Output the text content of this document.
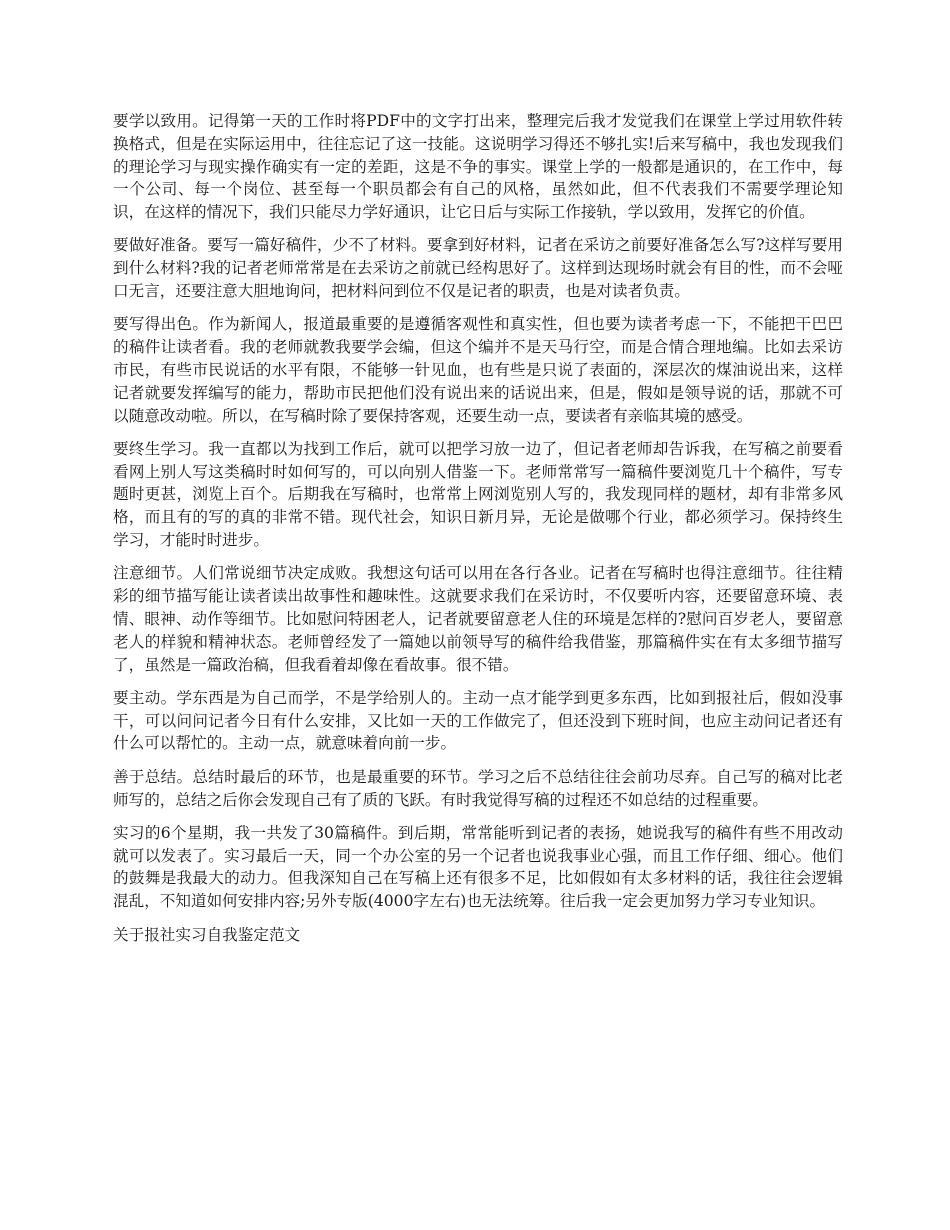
要学以致用。记得第一天的工作时将PDF中的文字打出来，整理完后我才发觉我们在课堂上学过用软件转换格式，但是在实际运用中，往往忘记了这一技能。这说明学习得还不够扎实!后来写稿中，我也发现我们的理论学习与现实操作确实有一定的差距，这是不争的事实。课堂上学的一般都是通识的，在工作中，每一个公司、每一个岗位、甚至每一个职员都会有自己的风格，虽然如此，但不代表我们不需要学理论知识，在这样的情况下，我们只能尽力学好通识，让它日后与实际工作接轨，学以致用，发挥它的价值。

要做好准备。要写一篇好稿件，少不了材料。要拿到好材料，记者在采访之前要好准备怎么写?这样写要用到什么材料?我的记者老师常常是在去采访之前就已经构思好了。这样到达现场时就会有目的性，而不会哑口无言，还要注意大胆地询问，把材料问到位不仅是记者的职责，也是对读者负责。

要写得出色。作为新闻人，报道最重要的是遵循客观性和真实性，但也要为读者考虑一下，不能把干巴巴的稿件让读者看。我的老师就教我要学会编，但这个编并不是天马行空，而是合情合理地编。比如去采访市民，有些市民说话的水平有限，不能够一针见血，也有些是只说了表面的，深层次的煤油说出来，这样记者就要发挥编写的能力，帮助市民把他们没有说出来的话说出来，但是，假如是领导说的话，那就不可以随意改动啦。所以，在写稿时除了要保持客观，还要生动一点，要读者有亲临其境的感受。

要终生学习。我一直都以为找到工作后，就可以把学习放一边了，但记者老师却告诉我，在写稿之前要看看网上别人写这类稿时时如何写的，可以向别人借鉴一下。老师常常写一篇稿件要浏览几十个稿件，写专题时更甚，浏览上百个。后期我在写稿时，也常常上网浏览别人写的，我发现同样的题材，却有非常多风格，而且有的写的真的非常不错。现代社会，知识日新月异，无论是做哪个行业，都必须学习。保持终生学习，才能时时进步。

注意细节。人们常说细节决定成败。我想这句话可以用在各行各业。记者在写稿时也得注意细节。往往精彩的细节描写能让读者读出故事性和趣味性。这就要求我们在采访时，不仅要听内容，还要留意环境、表情、眼神、动作等细节。比如慰问特困老人，记者就要留意老人住的环境是怎样的?慰问百岁老人，要留意老人的样貌和精神状态。老师曾经发了一篇她以前领导写的稿件给我借鉴，那篇稿件实在有太多细节描写了，虽然是一篇政治稿，但我看着却像在看故事。很不错。

要主动。学东西是为自己而学，不是学给别人的。主动一点才能学到更多东西，比如到报社后，假如没事干，可以问问记者今日有什么安排，又比如一天的工作做完了，但还没到下班时间，也应主动问记者还有什么可以帮忙的。主动一点，就意味着向前一步。

善于总结。总结时最后的环节，也是最重要的环节。学习之后不总结往往会前功尽弃。自己写的稿对比老师写的，总结之后你会发现自己有了质的飞跃。有时我觉得写稿的过程还不如总结的过程重要。

实习的6个星期，我一共发了30篇稿件。到后期，常常能听到记者的表扬，她说我写的稿件有些不用改动就可以发表了。实习最后一天，同一个办公室的另一个记者也说我事业心强，而且工作仔细、细心。他们的鼓舞是我最大的动力。但我深知自己在写稿上还有很多不足，比如假如有太多材料的话，我往往会逻辑混乱，不知道如何安排内容;另外专版(4000字左右)也无法统筹。往后我一定会更加努力学习专业知识。

关于报社实习自我鉴定范文
